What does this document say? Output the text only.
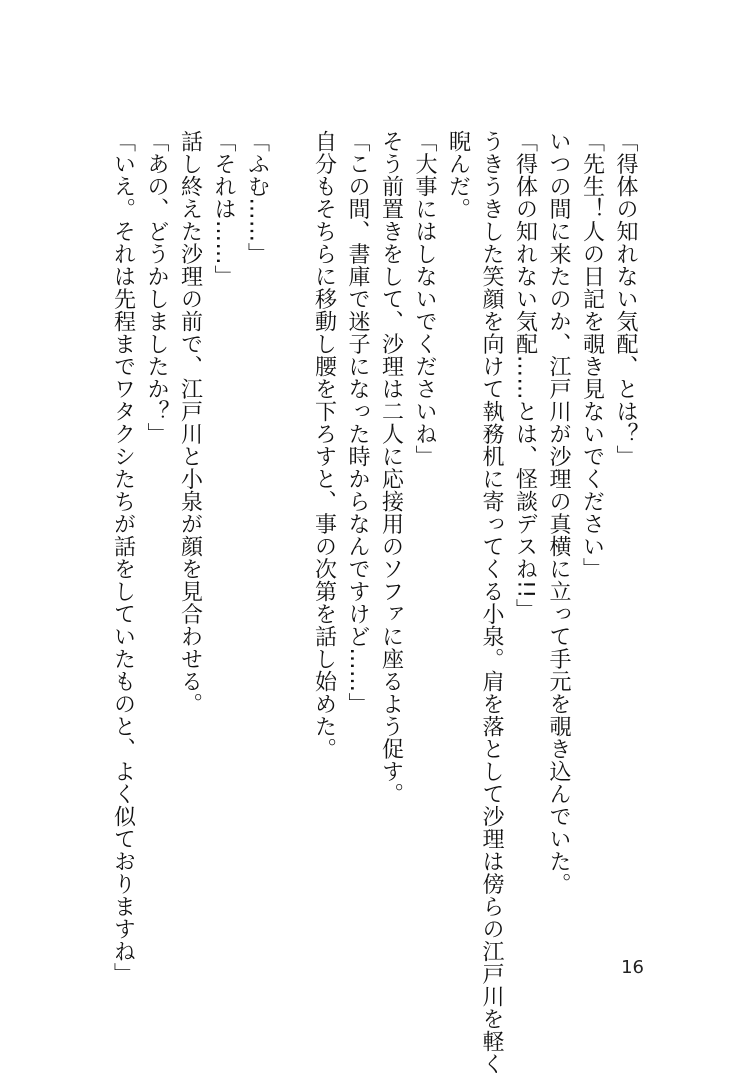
「得体の知れない気配、とは？」
「先生！人の日記を覗き見ないでください」
いつの間に来たのか、江戸川が沙理の真横に立って手元を覗き込んでいた。
「得体の知れない気配……とは、怪談デスね!!」
うきうきした笑顔を向けて執務机に寄ってくる小泉。肩を落として沙理は傍らの江戸川を軽く
睨んだ。
「大事にはしないでくださいね」
そう前置きをして、沙理は二人に応接用のソファに座るよう促す。
「この間、書庫で迷子になった時からなんですけど……」
自分もそちらに移動し腰を下ろすと、事の次第を話し始めた。
「ふむ……」
「それは……」
話し終えた沙理の前で、江戸川と小泉が顔を見合わせる。
「あの、どうかしましたか？」
「いえ。それは先程までワタクシたちが話をしていたものと、よく似ておりますね」	16
